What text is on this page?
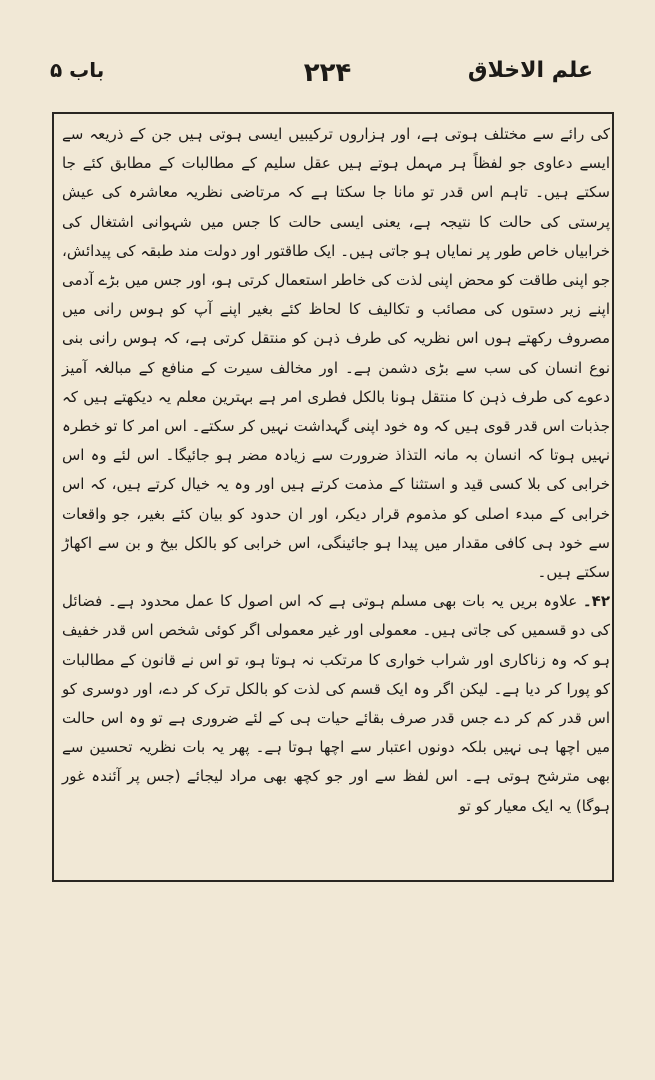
علم الاخلاق
۲۲۴
باب ۵

کی رائے سے مختلف ہوتی ہے، اور ہزاروں ترکیبیں ایسی ہوتی ہیں جن کے ذریعہ سے ایسے دعاوی جو لفظاً ہر مہمل ہوتے ہیں عقل سلیم کے مطالبات کے مطابق کئے جا سکتے ہیں۔ تاہم اس قدر تو مانا جا سکتا ہے کہ مرتاضی نظریہ معاشرہ کی عیش پرستی کی حالت کا نتیجہ ہے، یعنی ایسی حالت کا جس میں شہوانی اشتغال کی خرابیاں خاص طور پر نمایاں ہو جاتی ہیں۔ ایک طاقتور اور دولت مند طبقہ کی پیدائش، جو اپنی طاقت کو محض اپنی لذت کی خاطر استعمال کرتی ہو، اور جس میں بڑے آدمی اپنے زیر دستوں کی مصائب و تکالیف کا لحاظ کئے بغیر اپنے آپ کو ہوس رانی میں مصروف رکھتے ہوں اس نظریہ کی طرف ذہن کو منتقل کرتی ہے، کہ ہوس رانی بنی نوع انسان کی سب سے بڑی دشمن ہے۔ اور مخالف سیرت کے منافع کے مبالغہ آمیز دعوے کی طرف ذہن کا منتقل ہونا بالکل فطری امر ہے بہترین معلم یہ دیکھتے ہیں کہ جذبات اس قدر قوی ہیں کہ وہ خود اپنی گہداشت نہیں کر سکتے۔ اس امر کا تو خطرہ نہیں ہوتا کہ انسان بہ مانہ التذاذ ضرورت سے زیادہ مضر ہو جائیگا۔ اس لئے وہ اس خرابی کی بلا کسی قید و استثنا کے مذمت کرتے ہیں اور وہ یہ خیال کرتے ہیں، کہ اس خرابی کے مبدء اصلی کو مذموم قرار دیکر، اور ان حدود کو بیان کئے بغیر، جو واقعات سے خود ہی کافی مقدار میں پیدا ہو جائینگی، اس خرابی کو بالکل بیخ و بن سے اکھاڑ سکتے ہیں۔

۴۲۔ علاوہ بریں یہ بات بھی مسلم ہوتی ہے کہ اس اصول کا عمل محدود ہے۔ فضائل کی دو قسمیں کی جاتی ہیں۔ معمولی اور غیر معمولی اگر کوئی شخص اس قدر خفیف ہو کہ وہ زناکاری اور شراب خواری کا مرتکب نہ ہوتا ہو، تو اس نے قانون کے مطالبات کو پورا کر دیا ہے۔ لیکن اگر وہ ایک قسم کی لذت کو بالکل ترک کر دے، اور دوسری کو اس قدر کم کر دے جس قدر صرف بقائے حیات ہی کے لئے ضروری ہے تو وہ اس حالت میں اچھا ہی نہیں بلکہ دونوں اعتبار سے اچھا ہوتا ہے۔ پھر یہ بات نظریہ تحسین سے بھی مترشح ہوتی ہے۔ اس لفظ سے اور جو کچھ بھی مراد لیجائے (جس پر آئندہ غور ہوگا) یہ ایک معیار کو تو
